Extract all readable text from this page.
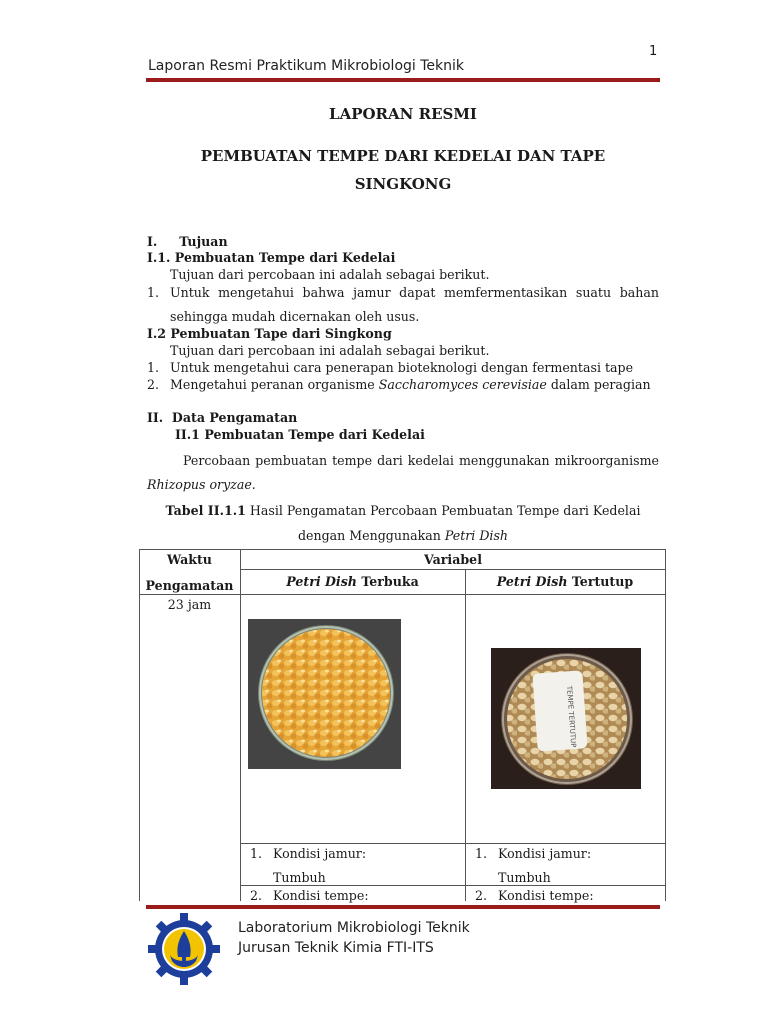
1
Laporan Resmi Praktikum Mikrobiologi Teknik
LAPORAN RESMI
PEMBUATAN TEMPE DARI KEDELAI DAN TAPE
SINGKONG
I.     Tujuan
I.1. Pembuatan Tempe dari Kedelai
Tujuan dari percobaan ini adalah sebagai berikut.
1. Untuk mengetahui bahwa jamur dapat memfermentasikan suatu bahan
sehingga mudah dicernakan oleh usus.
I.2 Pembuatan Tape dari Singkong
Tujuan dari percobaan ini adalah sebagai berikut.
1. Untuk mengetahui cara penerapan bioteknologi dengan fermentasi tape
2. Mengetahui peranan organisme Saccharomyces cerevisiae dalam peragian
II.  Data Pengamatan
II.1 Pembuatan Tempe dari Kedelai
Percobaan pembuatan tempe dari kedelai menggunakan mikroorganisme
Rhizopus oryzae.
Tabel II.1.1 Hasil Pengamatan Percobaan Pembuatan Tempe dari Kedelai
dengan Menggunakan Petri Dish
Waktu
Pengamatan
Variabel
Petri Dish Terbuka	Petri Dish Tertutup
23 jam
TEMPE TERTUTUP
1. Kondisi jamur:
Tumbuh
2. Kondisi tempe:
1. Kondisi jamur:
Tumbuh
2. Kondisi tempe:
Laboratorium Mikrobiologi Teknik
Jurusan Teknik Kimia FTI-ITS
